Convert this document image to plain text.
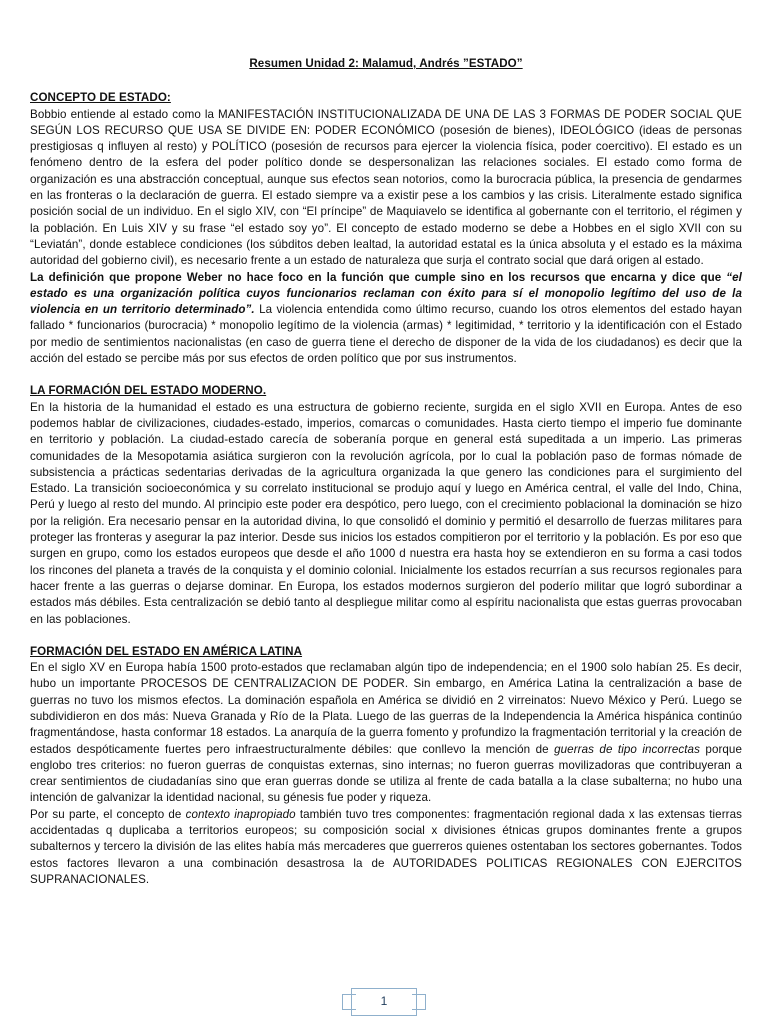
Resumen Unidad 2: Malamud, Andrés ”ESTADO”

CONCEPTO DE ESTADO:

Bobbio entiende al estado como la MANIFESTACIÓN INSTITUCIONALIZADA DE UNA DE LAS 3 FORMAS DE PODER SOCIAL QUE SEGÚN LOS RECURSO QUE USA SE DIVIDE EN: PODER ECONÓMICO (posesión de bienes), IDEOLÓGICO (ideas de personas prestigiosas q influyen al resto) y POLÍTICO (posesión de recursos para ejercer la violencia física, poder coercitivo). El estado es un fenómeno dentro de la esfera del poder político donde se despersonalizan las relaciones sociales. El estado como forma de organización es una abstracción conceptual, aunque sus efectos sean notorios, como la burocracia pública, la presencia de gendarmes en las fronteras o la declaración de guerra. El estado siempre va a existir pese a los cambios y las crisis. Literalmente estado significa posición social de un individuo. En el siglo XIV, con “El príncipe” de Maquiavelo se identifica al gobernante con el territorio, el régimen y la población. En Luis XIV y su frase “el estado soy yo”. El concepto de estado moderno se debe a Hobbes en el siglo XVII con su “Leviatán”, donde establece condiciones (los súbditos deben lealtad, la autoridad estatal es la única absoluta y el estado es la máxima autoridad del gobierno civil), es necesario frente a un estado de naturaleza que surja el contrato social que dará origen al estado.

La definición que propone Weber no hace foco en la función que cumple sino en los recursos que encarna y dice que “el estado es una organización política cuyos funcionarios reclaman con éxito para sí el monopolio legítimo del uso de la violencia en un territorio determinado”. La violencia entendida como último recurso, cuando los otros elementos del estado hayan fallado * funcionarios (burocracia) * monopolio legítimo de la violencia (armas) * legitimidad, * territorio y la identificación con el Estado por medio de sentimientos nacionalistas (en caso de guerra tiene el derecho de disponer de la vida de los ciudadanos) es decir que la acción del estado se percibe más por sus efectos de orden político que por sus instrumentos.

LA FORMACIÓN DEL ESTADO MODERNO.

En la historia de la humanidad el estado es una estructura de gobierno reciente, surgida en el siglo XVII en Europa. Antes de eso podemos hablar de civilizaciones, ciudades-estado, imperios, comarcas o comunidades. Hasta cierto tiempo el imperio fue dominante en territorio y población. La ciudad-estado carecía de soberanía porque en general está supeditada a un imperio. Las primeras comunidades de la Mesopotamia asiática surgieron con la revolución agrícola, por lo cual la población paso de formas nómade de subsistencia a prácticas sedentarias derivadas de la agricultura organizada la que genero las condiciones para el surgimiento del Estado. La transición socioeconómica y su correlato institucional se produjo aquí y luego en América central, el valle del Indo, China, Perú y luego al resto del mundo. Al principio este poder era despótico, pero luego, con el crecimiento poblacional la dominación se hizo por la religión. Era necesario pensar en la autoridad divina, lo que consolidó el dominio y permitió el desarrollo de fuerzas militares para proteger las fronteras y asegurar la paz interior. Desde sus inicios los estados compitieron por el territorio y la población. Es por eso que surgen en grupo, como los estados europeos que desde el año 1000 d nuestra era hasta hoy se extendieron en su forma a casi todos los rincones del planeta a través de la conquista y el dominio colonial. Inicialmente los estados recurrían a sus recursos regionales para hacer frente a las guerras o dejarse dominar. En Europa, los estados modernos surgieron del poderío militar que logró subordinar a estados más débiles. Esta centralización se debió tanto al despliegue militar como al espíritu nacionalista que estas guerras provocaban en las poblaciones.

FORMACIÓN DEL ESTADO EN AMÉRICA LATINA

En el siglo XV en Europa había 1500 proto-estados que reclamaban algún tipo de independencia; en el 1900 solo habían 25. Es decir, hubo un importante PROCESOS DE CENTRALIZACION DE PODER. Sin embargo, en América Latina la centralización a base de guerras no tuvo los mismos efectos. La dominación española en América se dividió en 2 virreinatos: Nuevo México y Perú. Luego se subdividieron en dos más: Nueva Granada y Río de la Plata. Luego de las guerras de la Independencia la América hispánica continúo fragmentándose, hasta conformar 18 estados. La anarquía de la guerra fomento y profundizo la fragmentación territorial y la creación de estados despóticamente fuertes pero infraestructuralmente débiles: que conllevo la mención de guerras de tipo incorrectas porque englobo tres criterios: no fueron guerras de conquistas externas, sino internas; no fueron guerras movilizadoras que contribuyeran a crear sentimientos de ciudadanías sino que eran guerras donde se utiliza al frente de cada batalla a la clase subalterna; no hubo una intención de galvanizar la identidad nacional, su génesis fue poder y riqueza.

Por su parte, el concepto de contexto inapropiado también tuvo tres componentes: fragmentación regional dada x las extensas tierras accidentadas q duplicaba a territorios europeos; su composición social x divisiones étnicas grupos dominantes frente a grupos subalternos y tercero la división de las elites había más mercaderes que guerreros quienes ostentaban los sectores gobernantes. Todos estos factores llevaron a una combinación desastrosa la de AUTORIDADES POLITICAS REGIONALES CON EJERCITOS SUPRANACIONALES.

1
